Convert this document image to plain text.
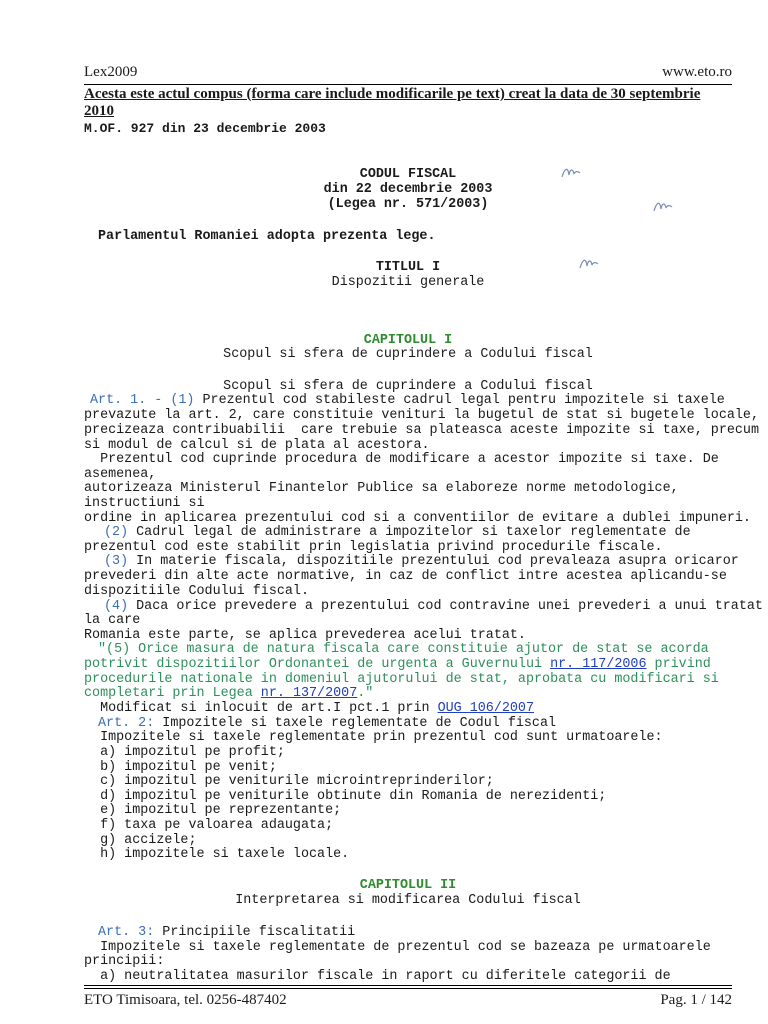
Lex2009	www.eto.ro
Acesta este actul compus (forma care include modificarile pe text) creat la data de 30 septembrie 2010
M.OF. 927 din 23 decembrie 2003
CODUL FISCAL
din 22 decembrie 2003
(Legea nr. 571/2003)
Parlamentul Romaniei adopta prezenta lege.
TITLUL I
Dispozitii generale
CAPITOLUL I
Scopul si sfera de cuprindere a Codului fiscal
Scopul si sfera de cuprindere a Codului fiscal
Art. 1. - (1) Prezentul cod stabileste cadrul legal pentru impozitele si taxele
prevazute la art. 2, care constituie venituri la bugetul de stat si bugetele locale,
precizeaza contribuabilii  care trebuie sa plateasca aceste impozite si taxe, precum
si modul de calcul si de plata al acestora.
Prezentul cod cuprinde procedura de modificare a acestor impozite si taxe. De
asemenea,
autorizeaza Ministerul Finantelor Publice sa elaboreze norme metodologice,
instructiuni si
ordine in aplicarea prezentului cod si a conventiilor de evitare a dublei impuneri.
(2) Cadrul legal de administrare a impozitelor si taxelor reglementate de
prezentul cod este stabilit prin legislatia privind procedurile fiscale.
(3) In materie fiscala, dispozitiile prezentului cod prevaleaza asupra oricaror
prevederi din alte acte normative, in caz de conflict intre acestea aplicandu-se
dispozitiile Codului fiscal.
(4) Daca orice prevedere a prezentului cod contravine unei prevederi a unui tratat
la care
Romania este parte, se aplica prevederea acelui tratat.
"(5) Orice masura de natura fiscala care constituie ajutor de stat se acorda
potrivit dispozitiilor Ordonantei de urgenta a Guvernului nr. 117/2006 privind
procedurile nationale in domeniul ajutorului de stat, aprobata cu modificari si
completari prin Legea nr. 137/2007."
Modificat si inlocuit de art.I pct.1 prin OUG 106/2007
Art. 2: Impozitele si taxele reglementate de Codul fiscal
Impozitele si taxele reglementate prin prezentul cod sunt urmatoarele:
a) impozitul pe profit;
b) impozitul pe venit;
c) impozitul pe veniturile microintreprinderilor;
d) impozitul pe veniturile obtinute din Romania de nerezidenti;
e) impozitul pe reprezentante;
f) taxa pe valoarea adaugata;
g) accizele;
h) impozitele si taxele locale.
CAPITOLUL II
Interpretarea si modificarea Codului fiscal
Art. 3: Principiile fiscalitatii
Impozitele si taxele reglementate de prezentul cod se bazeaza pe urmatoarele
principii:
a) neutralitatea masurilor fiscale in raport cu diferitele categorii de
ETO Timisoara, tel. 0256-487402	Pag. 1 / 142
